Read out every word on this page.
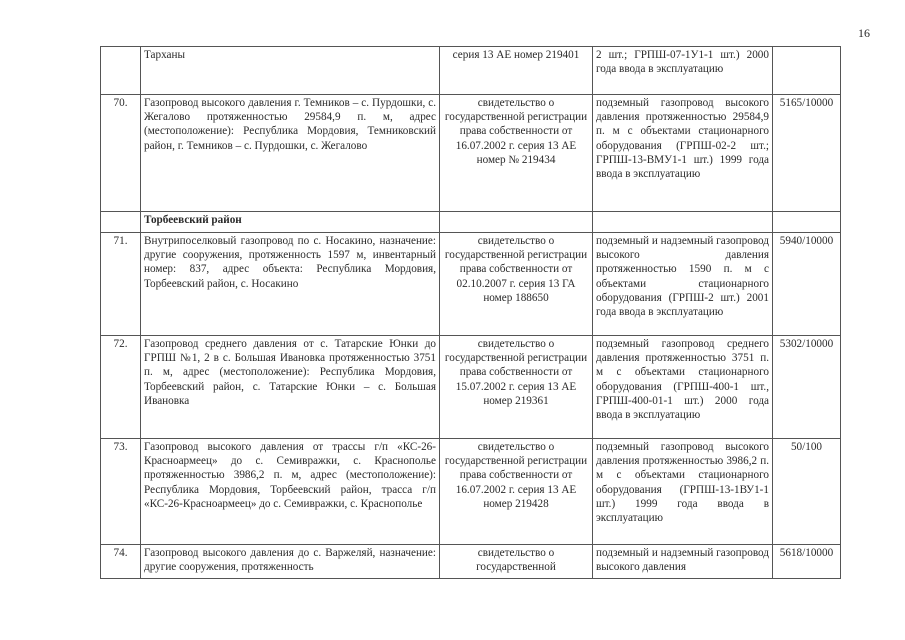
16
	Тарханы	серия 13 АЕ номер 219401	2 шт.; ГРПШ-07-1У1-1 шт.) 2000 года ввода в эксплуатацию	
70.	Газопровод высокого давления г. Темников – с. Пурдошки, с. Жегалово протяженностью 29584,9 п. м, адрес (местоположение): Республика Мордовия, Темниковский район, г. Темников – с. Пурдошки, с. Жегалово	свидетельство о государственной регистрации права собственности от 16.07.2002 г. серия 13 АЕ номер № 219434	подземный газопровод высокого давления протяженностью 29584,9 п. м с объектами стационарного оборудования (ГРПШ-02-2 шт.; ГРПШ-13-ВМУ1-1 шт.) 1999 года ввода в эксплуатацию	5165/10000
	Торбеевский район			
71.	Внутрипоселковый газопровод по с. Носакино, назначение: другие сооружения, протяженность 1597 м, инвентарный номер: 837, адрес объекта: Республика Мордовия, Торбеевский район, с. Носакино	свидетельство о государственной регистрации права собственности от 02.10.2007 г. серия 13 ГА номер 188650	подземный и надземный газопровод высокого давления протяженностью 1590 п. м с объектами стационарного оборудования (ГРПШ-2 шт.) 2001 года ввода в эксплуатацию	5940/10000
72.	Газопровод среднего давления от с. Татарские Юнки до ГРПШ №1, 2 в с. Большая Ивановка протяженностью 3751 п. м, адрес (местоположение): Республика Мордовия, Торбеевский район, с. Татарские Юнки – с. Большая Ивановка	свидетельство о государственной регистрации права собственности от 15.07.2002 г. серия 13 АЕ номер 219361	подземный газопровод среднего давления протяженностью 3751 п. м с объектами стационарного оборудования (ГРПШ-400-1 шт., ГРПШ-400-01-1 шт.) 2000 года ввода в эксплуатацию	5302/10000
73.	Газопровод высокого давления от трассы г/п «КС-26-Красноармеец» до с. Семивражки, с. Краснополье протяженностью 3986,2 п. м, адрес (местоположение): Республика Мордовия, Торбеевский район, трасса г/п «КС-26-Красноармеец» до с. Семивражки, с. Краснополье	свидетельство о государственной регистрации права собственности от 16.07.2002 г. серия 13 АЕ номер 219428	подземный газопровод высокого давления протяженностью 3986,2 п. м с объектами стационарного оборудования (ГРПШ-13-1ВУ1-1 шт.) 1999 года ввода в эксплуатацию	50/100
74.	Газопровод высокого давления до с. Варжеляй, назначение: другие сооружения, протяженность	свидетельство о государственной	подземный и надземный газопровод высокого давления	5618/10000
